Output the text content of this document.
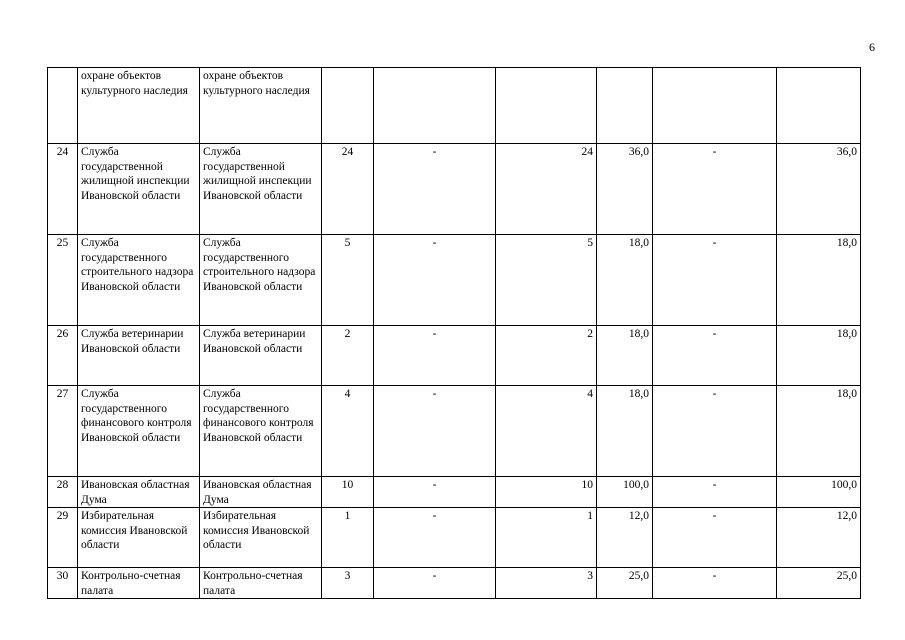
6
	охране объектов культурного наследия	охране объектов культурного наследия						
24	Служба государственной жилищной инспекции Ивановской области	Служба государственной жилищной инспекции Ивановской области	24	-	24	36,0	-	36,0
25	Служба государственного строительного надзора Ивановской области	Служба государственного строительного надзора Ивановской области	5	-	5	18,0	-	18,0
26	Служба ветеринарии Ивановской области	Служба ветеринарии Ивановской области	2	-	2	18,0	-	18,0
27	Служба государственного финансового контроля Ивановской области	Служба государственного финансового контроля Ивановской области	4	-	4	18,0	-	18,0
28	Ивановская областная Дума	Ивановская областная Дума	10	-	10	100,0	-	100,0
29	Избирательная комиссия Ивановской области	Избирательная комиссия Ивановской области	1	-	1	12,0	-	12,0
30	Контрольно-счетная палата	Контрольно-счетная палата	3	-	3	25,0	-	25,0
